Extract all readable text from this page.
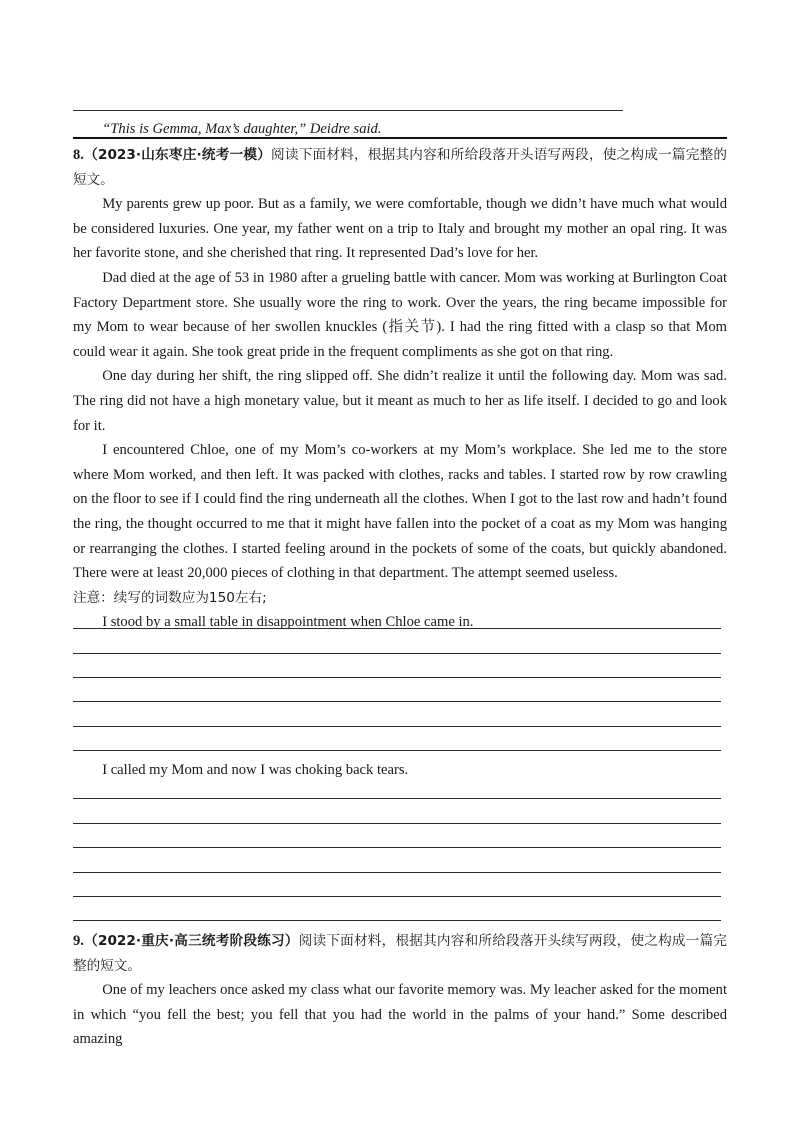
“This is Gemma, Max’s daughter,” Deidre said.

8.（2023·山东枣庄·统考一模）阅读下面材料，根据其内容和所给段落开头语写两段，使之构成一篇完整的短文。

My parents grew up poor. But as a family, we were comfortable, though we didn’t have much what would be considered luxuries. One year, my father went on a trip to Italy and brought my mother an opal ring. It was her favorite stone, and she cherished that ring. It represented Dad’s love for her.

Dad died at the age of 53 in 1980 after a grueling battle with cancer. Mom was working at Burlington Coat Factory Department store. She usually wore the ring to work. Over the years, the ring became impossible for my Mom to wear because of her swollen knuckles (指关节). I had the ring fitted with a clasp so that Mom could wear it again. She took great pride in the frequent compliments as she got on that ring.

One day during her shift, the ring slipped off. She didn’t realize it until the following day. Mom was sad. The ring did not have a high monetary value, but it meant as much to her as life itself. I decided to go and look for it.

I encountered Chloe, one of my Mom’s co-workers at my Mom’s workplace. She led me to the store where Mom worked, and then left. It was packed with clothes, racks and tables. I started row by row crawling on the floor to see if I could find the ring underneath all the clothes. When I got to the last row and hadn’t found the ring, the thought occurred to me that it might have fallen into the pocket of a coat as my Mom was hanging or rearranging the clothes. I started feeling around in the pockets of some of the coats, but quickly abandoned. There were at least 20,000 pieces of clothing in that department. The attempt seemed useless.

注意：续写的词数应为150左右;

I stood by a small table in disappointment when Chloe came in.

I called my Mom and now I was choking back tears.

9.（2022·重庆·高三统考阶段练习）阅读下面材料，根据其内容和所给段落开头续写两段，使之构成一篇完整的短文。

One of my leachers once asked my class what our favorite memory was. My leacher asked for the moment in which “you fell the best; you fell that you had the world in the palms of your hand.” Some described amazing
